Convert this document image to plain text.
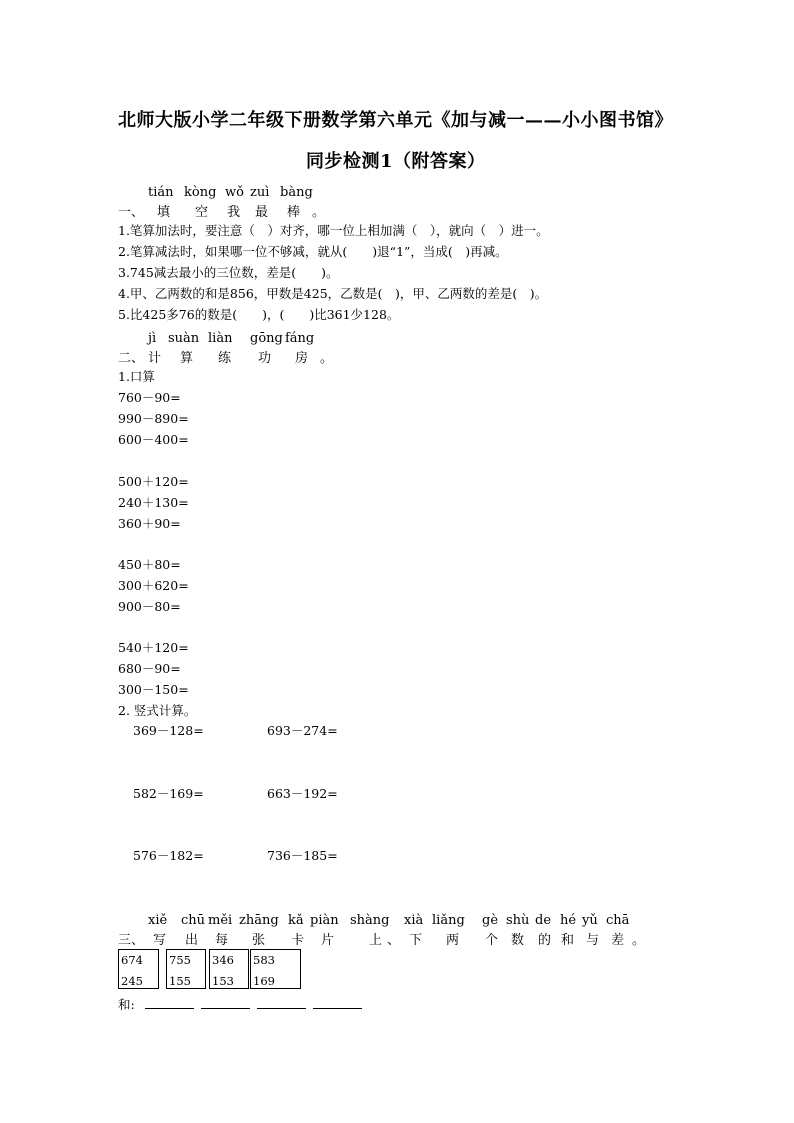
北师大版小学二年级下册数学第六单元《加与减一——小小图书馆》
同步检测1（附答案）
tián kòng wǒ zuì bàng
一、 填 空 我 最 棒 。
1.笔算加法时，要注意（　）对齐，哪一位上相加满（　），就向（　）进一。
2.笔算减法时，如果哪一位不够减，就从(　　)退“1”，当成(　)再减。
3.745减去最小的三位数，差是(　　)。
4.甲、乙两数的和是856，甲数是425，乙数是(　)，甲、乙两数的差是(　)。
5.比425多76的数是(　　)，(　　)比361少128。
jì suàn liàn gōng fáng
二、 计 算 练 功 房 。
1.口算
760－90=
990－890=
600－400=
500＋120=
240＋130=
360＋90=
450＋80=
300＋620=
900－80=
540＋120=
680－90=
300－150=
2. 竖式计算。
369－128=	693－274=
582－169=	663－192=
576－182=	736－185=
xiě chū měi zhāng kǎ piàn shàng xià liǎng gè shù de hé yǔ chā
三、 写 出 每 张 卡 片	上 、 下 两 个 数 的 和 与 差 。
674
245
755
155
346
153
583
169
和:
